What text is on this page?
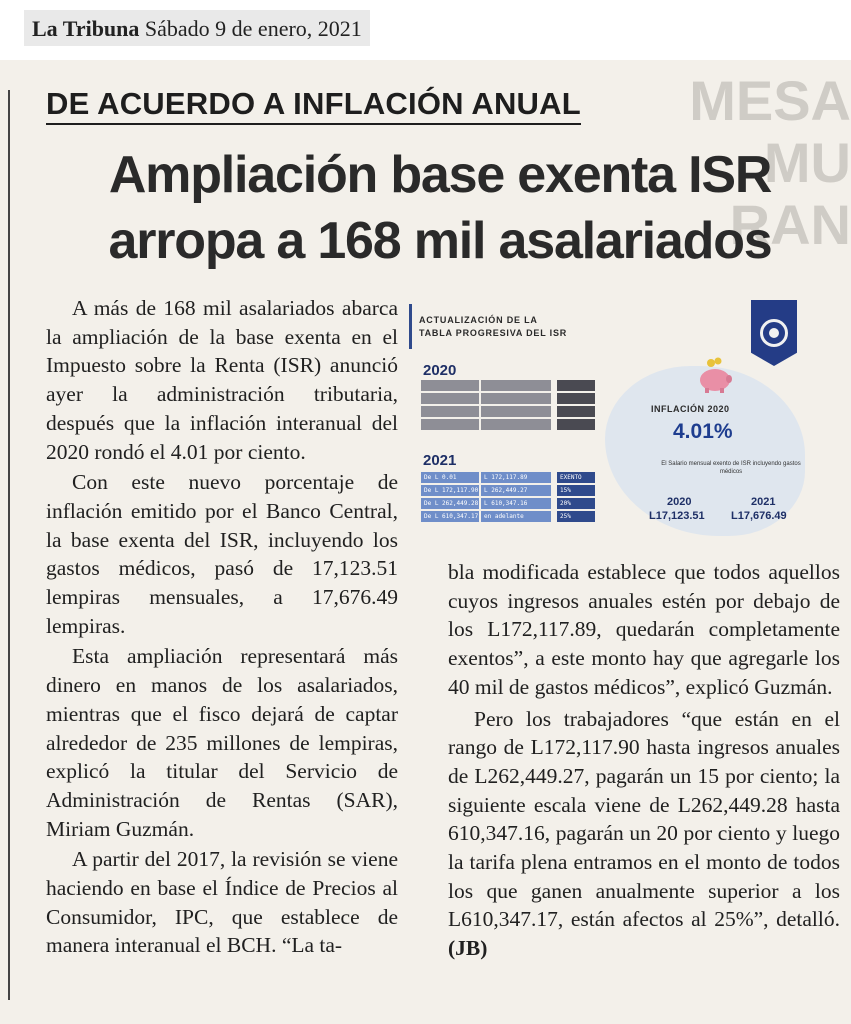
La Tribuna Sábado 9 de enero, 2021
MESA MU
RAN
DE ACUERDO A INFLACIÓN ANUAL
Ampliación base exenta ISR
arropa a 168 mil asalariados

A más de 168 mil asalariados abarca la ampliación de la base exenta en el Impuesto sobre la Renta (ISR) anunció ayer la administración tributaria, después que la inflación interanual del 2020 rondó el 4.01 por ciento.

Con este nuevo porcentaje de inflación emitido por el Banco Central, la base exenta del ISR, incluyendo los gastos médicos, pasó de 17,123.51 lempiras mensuales, a 17,676.49 lempiras.

Esta ampliación representará más dinero en manos de los asalariados, mientras que el fisco dejará de captar alrededor de 235 millones de lempiras, explicó la titular del Servicio de Administración de Rentas (SAR), Miriam Guzmán.

A partir del 2017, la revisión se viene haciendo en base el Índice de Precios al Consumidor, IPC, que establece de manera interanual el BCH. “La ta-

ACTUALIZACIÓN DE LA
TABLA PROGRESIVA DEL ISR
2020
2021
De L 0.01	L 172,117.89	EXENTO
De L 172,117.90 L 262,449.27	15%
De L 262,449.28 L 610,347.16	20%
De L 610,347.17 en adelante	25%
INFLACIÓN 2020
4.01%
El Salario mensual exento de ISR incluyendo gastos médicos
2020	2021
L17,123.51 L17,676.49

bla modificada establece que todos aquellos cuyos ingresos anuales estén por debajo de los L172,117.89, quedarán completamente exentos”, a este monto hay que agregarle los 40 mil de gastos médicos”, explicó Guzmán.

Pero los trabajadores “que están en el rango de L172,117.90 hasta ingresos anuales de L262,449.27, pagarán un 15 por ciento; la siguiente escala viene de L262,449.28 hasta 610,347.16, pagarán un 20 por ciento y luego la tarifa plena entramos en el monto de todos los que ganen anualmente superior a los L610,347.17, están afectos al 25%”, detalló. (JB)
